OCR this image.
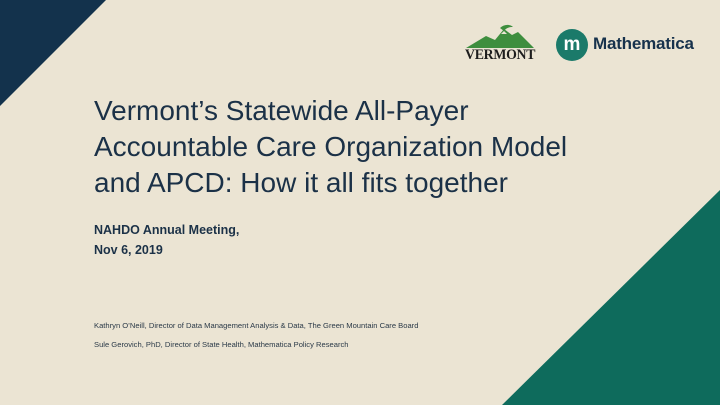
VERMONT	m Mathematica
Vermont’s Statewide All-Payer
Accountable Care Organization Model
and APCD: How it all fits together
NAHDO Annual Meeting,
Nov 6, 2019

Kathryn O’Neill, Director of Data Management Analysis & Data, The Green Mountain Care Board

Sule Gerovich, PhD, Director of State Health, Mathematica Policy Research
